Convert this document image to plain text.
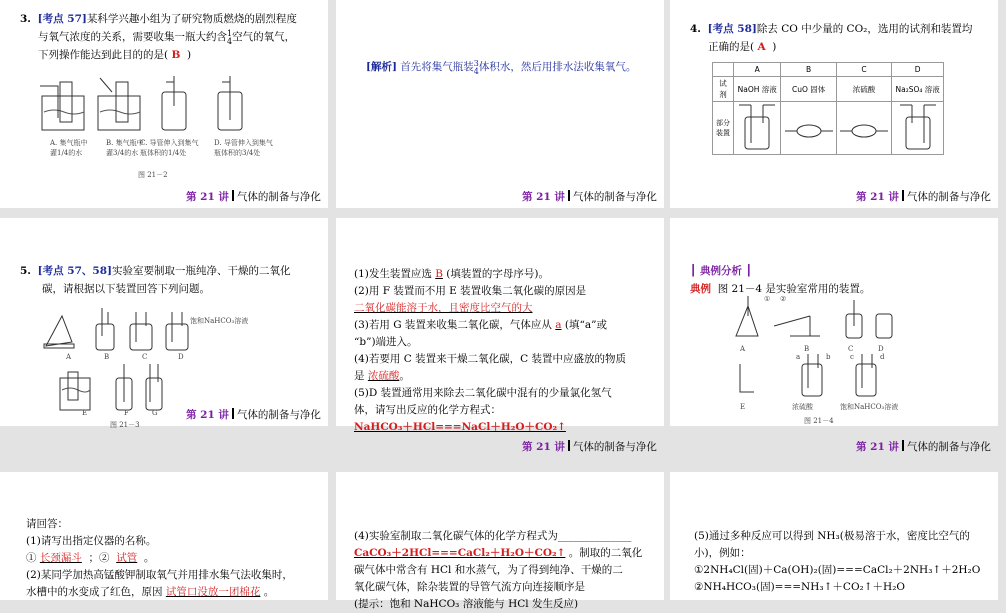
3. [考点 57]某科学兴趣小组为了研究物质燃烧的剧烈程度
与氧气浓度的关系，需要收集一瓶大约含1
4空气的氧气，
下列操作能达到此目的的是( B )
A. 集气瓶中
灌1/4的水
B. 集气瓶中
灌3/4的水
C. 导管伸入到集气
瓶体积的1/4处
D. 导管伸入到集气
瓶体积的3/4处
图 21－2
第 21 讲 气体的制备与净化
[解析] 首先将集气瓶装3
4体积水，然后用排水法收集氧气。
第 21 讲 气体的制备与净化
4. [考点 58]除去 CO 中少量的 CO₂，选用的试剂和装置均
正确的是( A )
	A	B	C	D
试剂	NaOH 溶液	CuO 固体	浓硫酸	Na₂SO₄ 溶液
部分装置				
第 21 讲 气体的制备与净化
5. [考点 57、58]实验室要制取一瓶纯净、干燥的二氧化
碳，请根据以下装置回答下列问题。
饱和NaHCO₃溶液
A	B	C	D
E	F	G
图 21－3
第 21 讲 气体的制备与净化
(1)发生装置应选 B (填装置的字母序号)。
(2)用 F 装置而不用 E 装置收集二氧化碳的原因是
二氧化碳能溶于水，且密度比空气的大
(3)若用 G 装置来收集二氧化碳，气体应从 a (填“a”或
“b”)端进入。
(4)若要用 C 装置来干燥二氧化碳，C 装置中应盛放的物质
是 浓硫酸。
(5)D 装置通常用来除去二氧化碳中混有的少量氯化氢气
体，请写出反应的化学方程式：
NaHCO₃＋HCl===NaCl＋H₂O＋CO₂↑
第 21 讲 气体的制备与净化
┃ 典例分析 ┃
典例 图 21－4 是实验室常用的装置。
① ②
A	B	C	D
a	b	c	d
E	浓硫酸	饱和NaHCO₃溶液
图 21－4
第 21 讲 气体的制备与净化
请回答：
(1)请写出指定仪器的名称。
① 长颈漏斗 ；② 试管 。
(2)某同学加热高锰酸钾制取氧气并用排水集气法收集时，
水槽中的水变成了红色，原因 试管口没放一团棉花 。
(4)实验室制取二氧化碳气体的化学方程式为______________
CaCO₃＋2HCl===CaCl₂＋H₂O＋CO₂↑ 。制取的二氧化
碳气体中常含有 HCl 和水蒸气，为了得到纯净、干燥的二
氧化碳气体，除杂装置的导管气流方向连接顺序是
(提示：饱和 NaHCO₃ 溶液能与 HCl 发生反应)
(5)通过多种反应可以得到 NH₃(极易溶于水，密度比空气的
小)，例如：
①2NH₄Cl(固)＋Ca(OH)₂(固)===CaCl₂＋2NH₃↑＋2H₂O
②NH₄HCO₃(固)===NH₃↑＋CO₂↑＋H₂O
